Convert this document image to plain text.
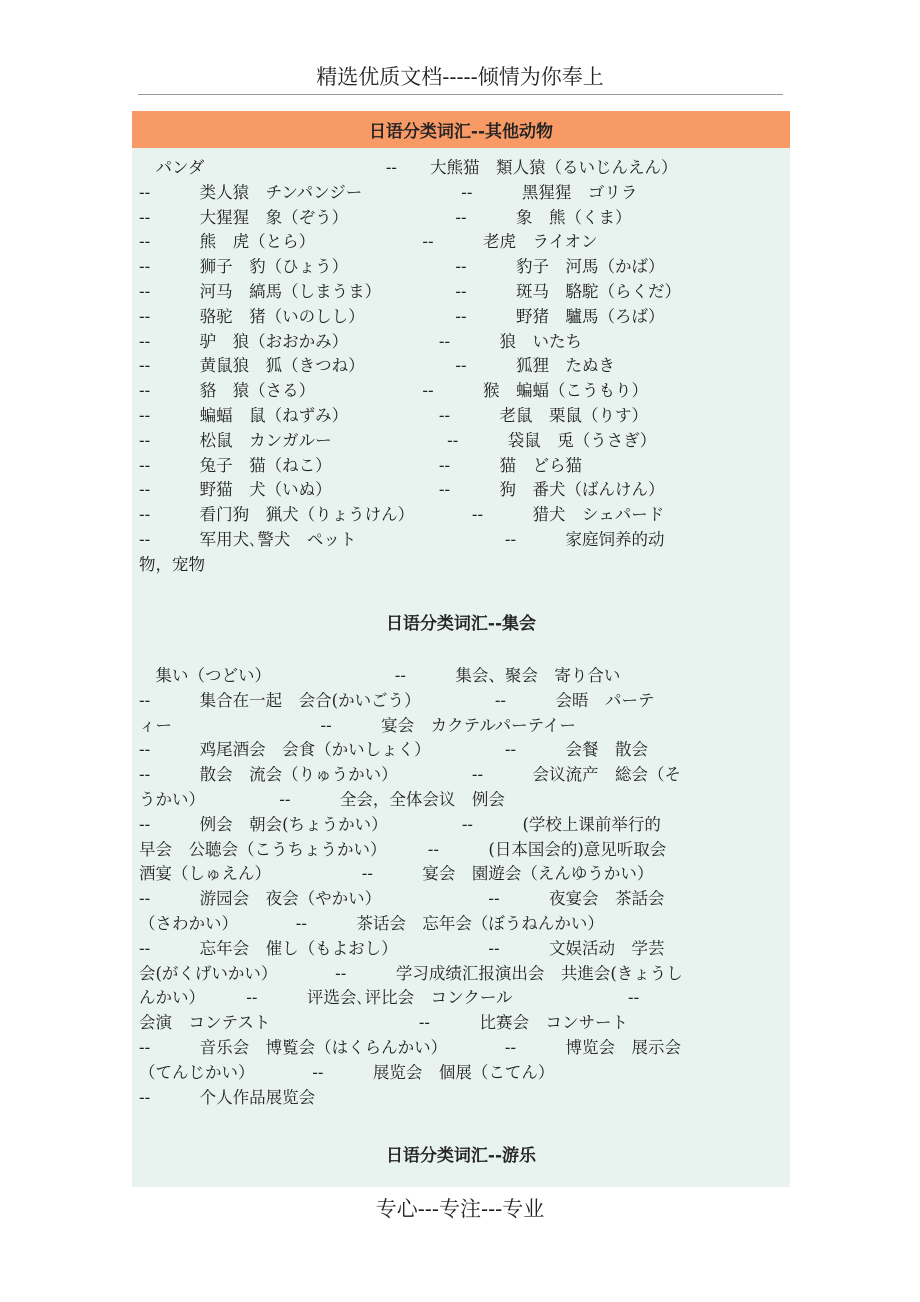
精选优质文档-----倾情为你奉上
日语分类词汇--其他动物
　パンダ　　　　　　　　　　　--　　大熊猫　類人猿（るいじんえん）
--　　　类人猿　チンパンジー　　　　　　--　　　黑猩猩　ゴリラ
--　　　大猩猩　象（ぞう）　　　　　　　--　　　象　熊（くま）
--　　　熊　虎（とら）　　　　　　　--　　　老虎　ライオン
--　　　狮子　豹（ひょう）　　　　　　　--　　　豹子　河馬（かば）
--　　　河马　縞馬（しまうま）　　　　　--　　　斑马　駱駝（らくだ）
--　　　骆驼　猪（いのしし）　　　　　　--　　　野猪　驢馬（ろば）
--　　　驴　狼（おおかみ）　　　　　　--　　　狼　いたち
--　　　黄鼠狼　狐（きつね）　　　　　　--　　　狐狸　たぬき
--　　　貉　猿（さる）　　　　　　　--　　　猴　蝙蝠（こうもり）
--　　　蝙蝠　鼠（ねずみ）　　　　　　--　　　老鼠　栗鼠（りす）
--　　　松鼠　カンガルー　　　　　　　--　　　袋鼠　兎（うさぎ）
--　　　兔子　猫（ねこ）　　　　　　　--　　　猫　どら猫
--　　　野猫　犬（いぬ）　　　　　　　--　　　狗　番犬（ばんけん）
--　　　看门狗　猟犬（りょうけん）　　　　--　　　猎犬　シェパード
--　　　军用犬､警犬　ペット　　　　　　　　　--　　　家庭饲养的动
物，宠物
日语分类词汇--集会
　集い（つどい）　　　　　　　　--　　　集会、聚会　寄り合い
--　　　集合在一起　会合(かいごう）　　　　　--　　　会晤　パーテ
ィー　　　　　　　　　--　　　宴会　カクテルパーテイー
--　　　鸡尾酒会　会食（かいしょく）　　　　　--　　　会餐　散会
--　　　散会　流会（りゅうかい）　　　　　--　　　会议流产　総会（そ
うかい）　　　　　--　　　全会，全体会议　例会
--　　　例会　朝会(ちょうかい）　　　　　--　　　(学校上课前举行的
早会　公聴会（こうちょうかい）　　　--　　　(日本国会的)意见听取会
酒宴（しゅえん）　　　　　　--　　　宴会　園遊会（えんゆうかい）
--　　　游园会　夜会（やかい）　　　　　　　--　　　夜宴会　茶話会
（さわかい）　　　　--　　　茶话会　忘年会（ぼうねんかい）
--　　　忘年会　催し（もよおし）　　　　　　--　　　文娱活动　学芸
会(がくげいかい）　　　　--　　　学习成绩汇报演出会　共進会(きょうし
んかい）　　　--　　　评选会､评比会　コンクール　　　　　　　--
会演　コンテスト　　　　　　　　　--　　　比赛会　コンサート
--　　　音乐会　博覧会（はくらんかい）　　　　--　　　博览会　展示会
（てんじかい）　　　　--　　　展览会　個展（こてん）
--　　　个人作品展览会
日语分类词汇--游乐
专心---专注---专业
